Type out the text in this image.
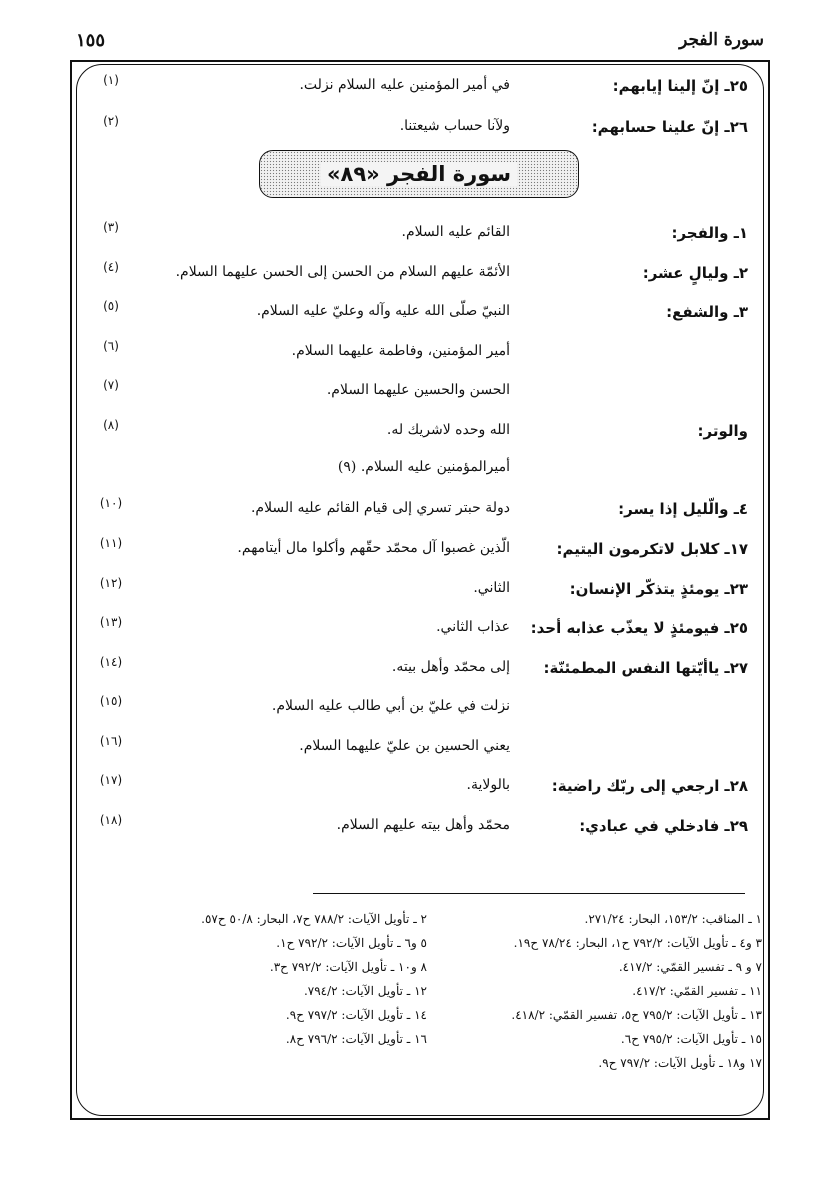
١٥٥	سورة الفجر
٢٥ـ إنّ إلينا إيابهم:
في أمير المؤمنين عليه السلام نزلت.
(١)
٢٦ـ إنّ علينا حسابهم:
ولآنا حساب شيعتنا.
(٢)
سورة الفجر «٨٩»
١ـ والفجر:
القائم عليه السلام.
(٣)
٢ـ وليالٍ عشر:
الأئمّة عليهم السلام من الحسن إلى الحسن عليهما السلام.
(٤)
٣ـ والشفع:
النبيّ صلّى الله عليه وآله وعليّ عليه السلام.
(٥)
أمير المؤمنين، وفاطمة عليهما السلام.
(٦)
الحسن والحسين عليهما السلام.
(٧)
والوتر:
الله وحده لاشريك له.
(٨)
أميرالمؤمنين عليه السلام. (٩)
٤ـ والّليل إذا يسر:
دولة حبتر تسري إلى قيام القائم عليه السلام.
(١٠)
١٧ـ كلابل لاتكرمون اليتيم:
الّذين غصبوا آل محمّد حقّهم وأكلوا مال أيتامهم.
(١١)
٢٣ـ يومئذٍ يتذكّر الإنسان:
الثاني.
(١٢)
٢٥ـ فيومئذٍ لا يعذّب عذابه أحد:
عذاب الثاني.
(١٣)
٢٧ـ ياأيّتها النفس المطمئنّة:
إلى محمّد وأهل بيته.
(١٤)
نزلت في عليّ بن أبي طالب عليه السلام.
(١٥)
يعني الحسين بن عليّ عليهما السلام.
(١٦)
٢٨ـ ارجعي إلى ربّك راضية:
بالولاية.
(١٧)
٢٩ـ فادخلي في عبادي:
محمّد وأهل بيته عليهم السلام.
(١٨)
١ ـ المناقب: ١٥٣/٢، البحار: ٢٧١/٢٤.
٣ و٤ ـ تأويل الآيات: ٧٩٢/٢ ح١، البحار: ٧٨/٢٤ ح١٩.
٧ و ٩ ـ تفسير القمّي: ٤١٧/٢.
١١ ـ تفسير القمّي: ٤١٧/٢.
١٣ ـ تأويل الآيات: ٧٩٥/٢ ح٥، تفسير القمّي: ٤١٨/٢.
١٥ ـ تأويل الآيات: ٧٩٥/٢ ح٦.
١٧ و١٨ ـ تأويل الآيات: ٧٩٧/٢ ح٩.
٢ ـ تأويل الآيات: ٧٨٨/٢ ح٧، البحار: ٥٠/٨ ح٥٧.
٥ و٦ ـ تأويل الآيات: ٧٩٢/٢ ح١.
٨ و١٠ ـ تأويل الآيات: ٧٩٢/٢ ح٣.
١٢ ـ تأويل الآيات: ٧٩٤/٢.
١٤ ـ تأويل الآيات: ٧٩٧/٢ ح٩.
١٦ ـ تأويل الآيات: ٧٩٦/٢ ح٨.
